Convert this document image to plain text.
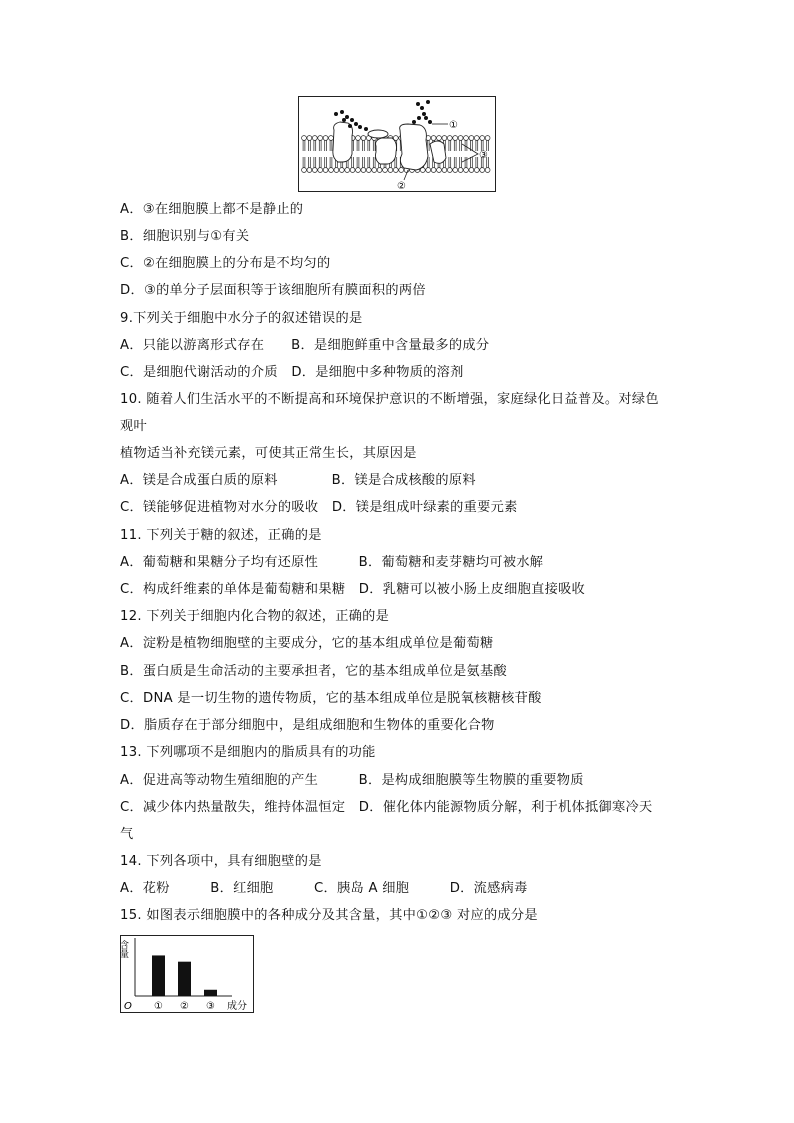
①
③
②
A．③在细胞膜上都不是静止的
B．细胞识别与①有关
C．②在细胞膜上的分布是不均匀的
D．③的单分子层面积等于该细胞所有膜面积的两倍
9.下列关于细胞中水分子的叙述错误的是
A．只能以游离形式存在　　B．是细胞鲜重中含量最多的成分
C．是细胞代谢活动的介质　D．是细胞中多种物质的溶剂
10. 随着人们生活水平的不断提高和环境保护意识的不断增强，家庭绿化日益普及。对绿色
观叶
植物适当补充镁元素，可使其正常生长，其原因是
A．镁是合成蛋白质的原料　　　　B．镁是合成核酸的原料
C．镁能够促进植物对水分的吸收　D．镁是组成叶绿素的重要元素
11. 下列关于糖的叙述，正确的是
A．葡萄糖和果糖分子均有还原性　　　B．葡萄糖和麦芽糖均可被水解
C．构成纤维素的单体是葡萄糖和果糖　D．乳糖可以被小肠上皮细胞直接吸收
12. 下列关于细胞内化合物的叙述，正确的是
A．淀粉是植物细胞壁的主要成分，它的基本组成单位是葡萄糖
B．蛋白质是生命活动的主要承担者，它的基本组成单位是氨基酸
C．DNA 是一切生物的遗传物质，它的基本组成单位是脱氧核糖核苷酸
D．脂质存在于部分细胞中，是组成细胞和生物体的重要化合物
13. 下列哪项不是细胞内的脂质具有的功能
A．促进高等动物生殖细胞的产生　　　B．是构成细胞膜等生物膜的重要物质
C．减少体内热量散失，维持体温恒定　D．催化体内能源物质分解，利于机体抵御寒冷天
气
14. 下列各项中，具有细胞壁的是
A．花粉　　　B．红细胞　　　C．胰岛 A 细胞　　　D．流感病毒
15. 如图表示细胞膜中的各种成分及其含量，其中①②③ 对应的成分是
含量
O	成分
① ② ③
